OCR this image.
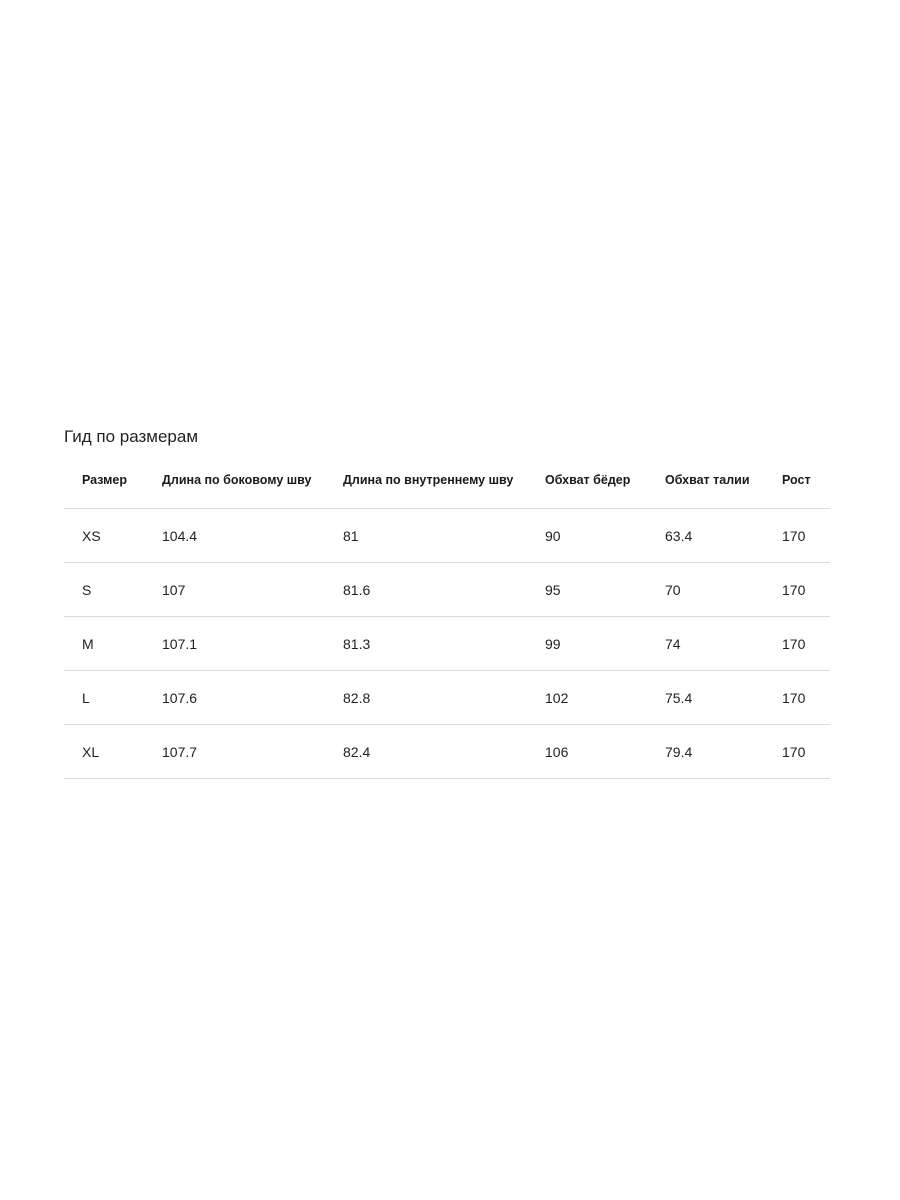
Гид по размерам
Размер	Длина по боковому шву	Длина по внутреннему шву	Обхват бёдер	Обхват талии	Рост
XS	104.4	81	90	63.4	170
S	107	81.6	95	70	170
M	107.1	81.3	99	74	170
L	107.6	82.8	102	75.4	170
XL	107.7	82.4	106	79.4	170
